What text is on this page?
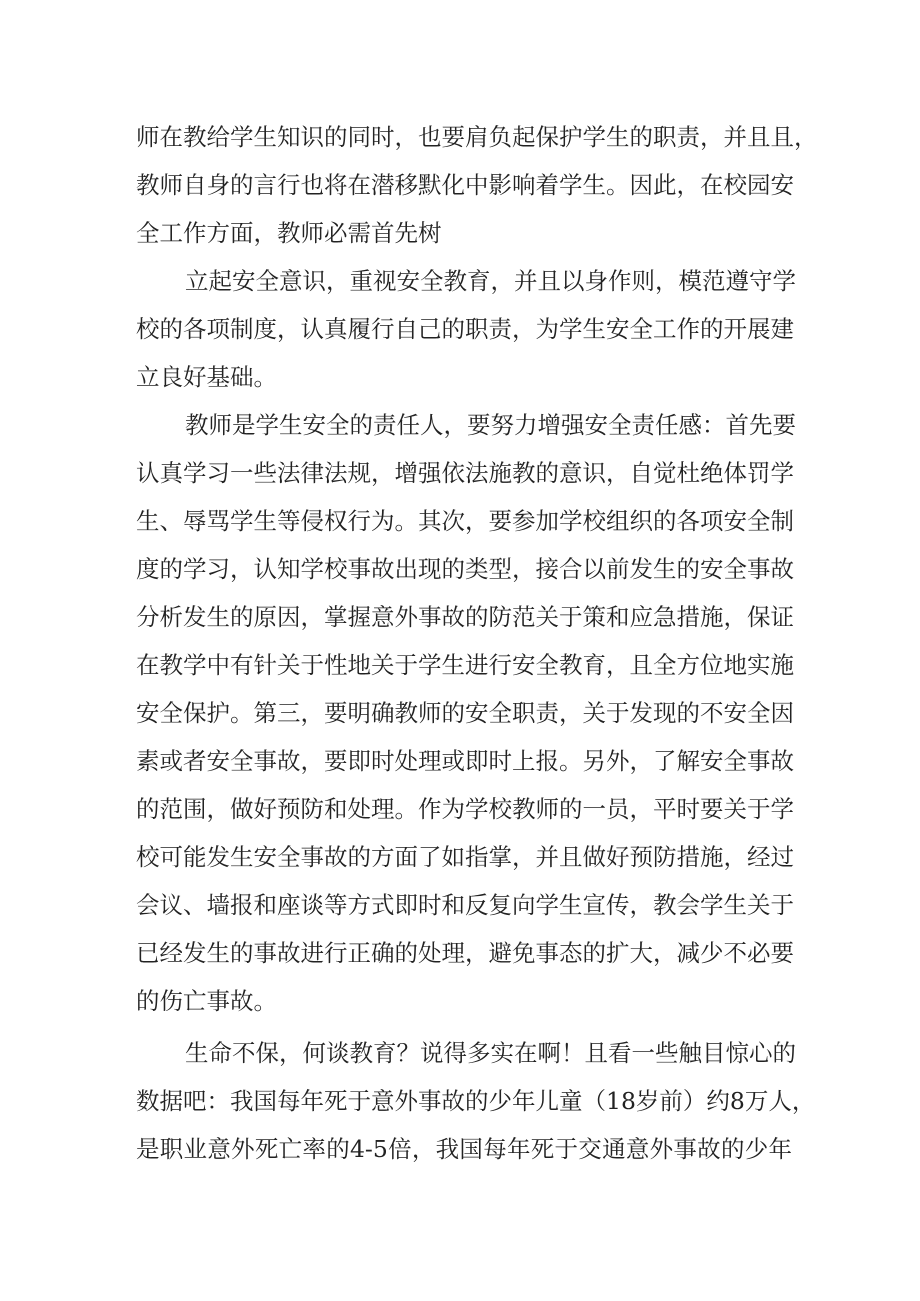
师在教给学生知识的同时，也要肩负起保护学生的职责，并且且，
教师自身的言行也将在潜移默化中影响着学生。因此，在校园安
全工作方面，教师必需首先树
立起安全意识，重视安全教育，并且以身作则，模范遵守学
校的各项制度，认真履行自己的职责，为学生安全工作的开展建
立良好基础。
教师是学生安全的责任人，要努力增强安全责任感：首先要
认真学习一些法律法规，增强依法施教的意识，自觉杜绝体罚学
生、辱骂学生等侵权行为。其次，要参加学校组织的各项安全制
度的学习，认知学校事故出现的类型，接合以前发生的安全事故
分析发生的原因，掌握意外事故的防范关于策和应急措施，保证
在教学中有针关于性地关于学生进行安全教育，且全方位地实施
安全保护。第三，要明确教师的安全职责，关于发现的不安全因
素或者安全事故，要即时处理或即时上报。另外，了解安全事故
的范围，做好预防和处理。作为学校教师的一员，平时要关于学
校可能发生安全事故的方面了如指掌，并且做好预防措施，经过
会议、墙报和座谈等方式即时和反复向学生宣传，教会学生关于
已经发生的事故进行正确的处理，避免事态的扩大，减少不必要
的伤亡事故。
生命不保，何谈教育？说得多实在啊！且看一些触目惊心的
数据吧：我国每年死于意外事故的少年儿童（18岁前）约8万人，
是职业意外死亡率的4-5倍，我国每年死于交通意外事故的少年
